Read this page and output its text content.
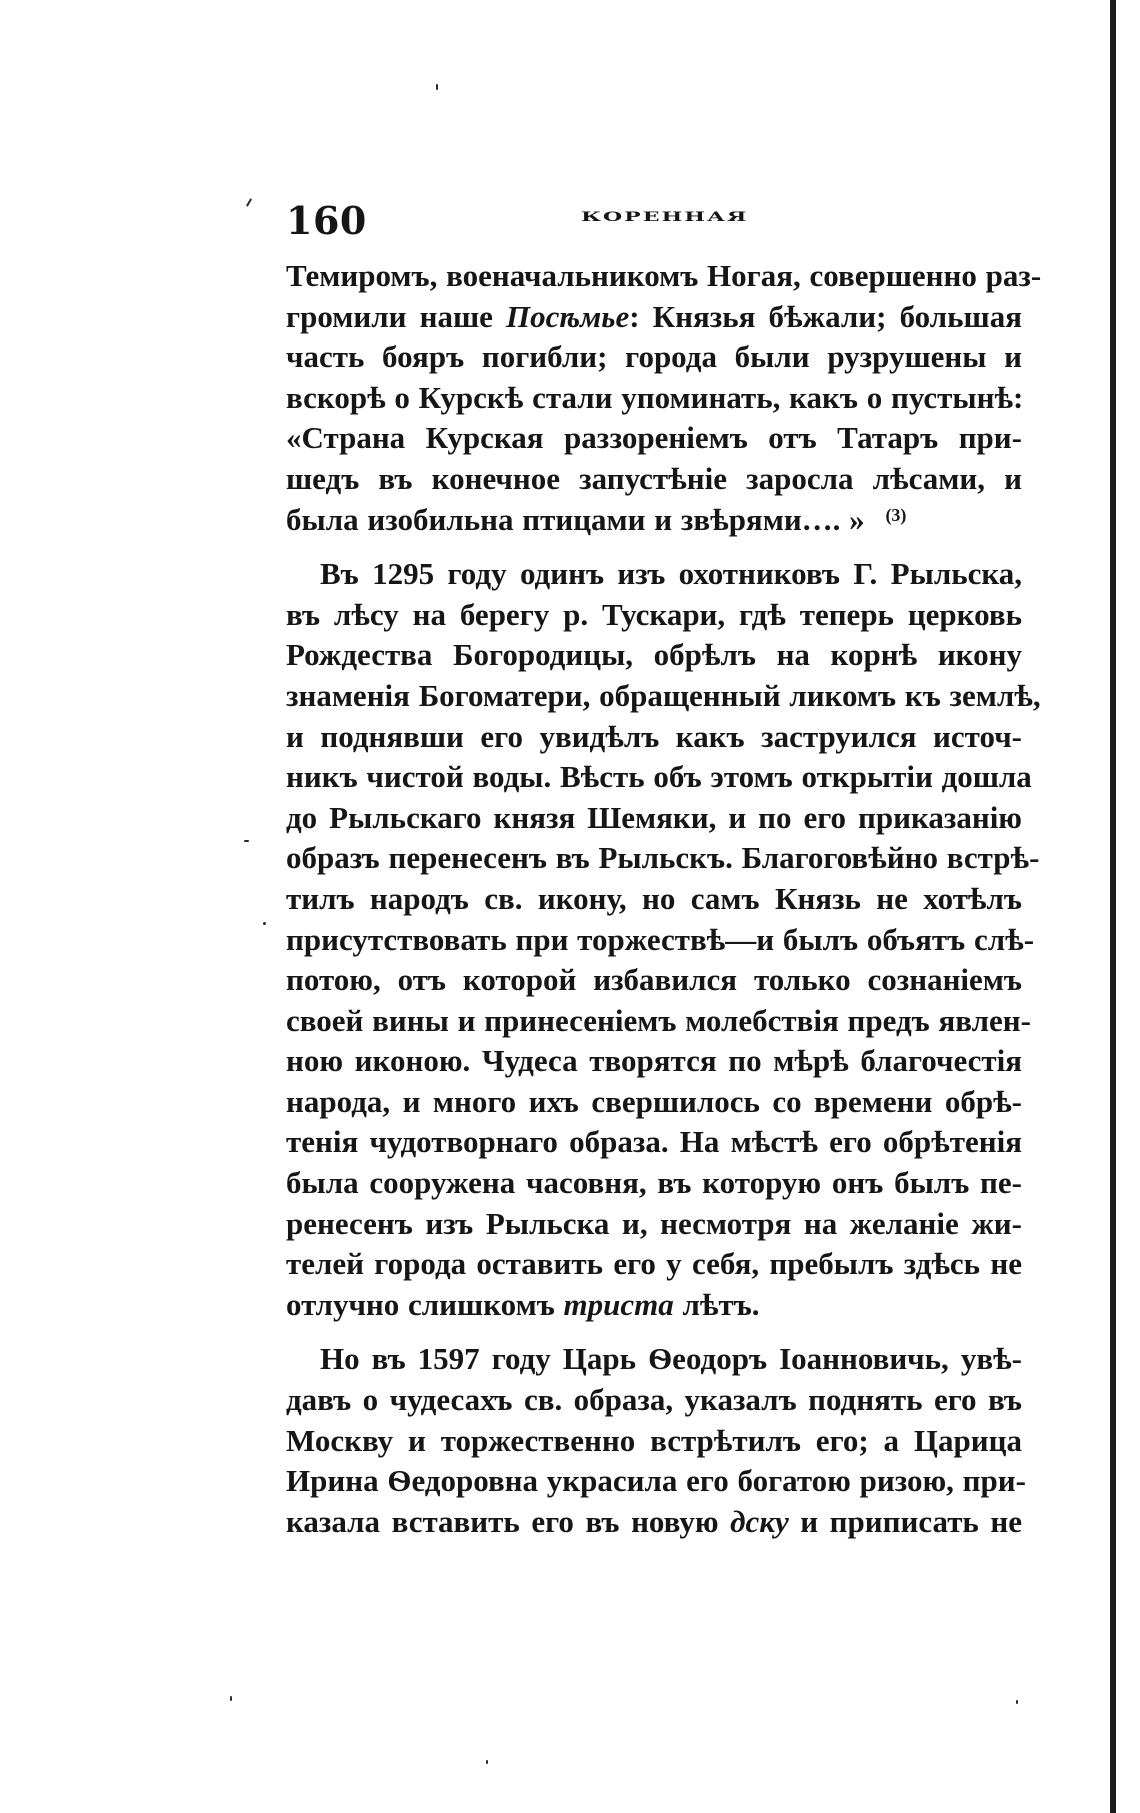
160	КОРЕННАЯ
Темиромъ, военачальникомъ Ногая, совершенно раз-
громили наше Посѣмье: Князья бѣжали; большая
часть бояръ погибли; города были рузрушены и
вскорѣ о Курскѣ стали упоминать, какъ о пустынѣ:
«Страна Курская раззореніемъ отъ Татаръ при-
шедъ въ конечное запустѣніе заросла лѣсами, и
была изобильна птицами и звѣрями…. » $^{(3)}$
Въ 1295 году одинъ изъ охотниковъ Г. Рыльска,
въ лѣсу на берегу р. Тускари, гдѣ теперь церковь
Рождества Богородицы, обрѣлъ на корнѣ икону
знаменія Богоматери, обращенный ликомъ къ землѣ,
и поднявши его увидѣлъ какъ заструился источ-
никъ чистой воды. Вѣсть объ этомъ открытіи дошла
до Рыльскаго князя Шемяки, и по его приказанію
образъ перенесенъ въ Рыльскъ. Благоговѣйно встрѣ-
тилъ народъ св. икону, но самъ Князь не хотѣлъ
присутствовать при торжествѣ—и былъ объятъ слѣ-
потою, отъ которой избавился только сознаніемъ
своей вины и принесеніемъ молебствія предъ явлен-
ною иконою. Чудеса творятся по мѣрѣ благочестія
народа, и много ихъ свершилось со времени обрѣ-
тенія чудотворнаго образа. На мѣстѣ его обрѣтенія
была сооружена часовня, въ которую онъ былъ пе-
ренесенъ изъ Рыльска и, несмотря на желаніе жи-
телей города оставить его у себя, пребылъ здѣсь не
отлучно слишкомъ триста лѣтъ.
Но въ 1597 году Царь Ѳеодоръ Іоанновичь, увѣ-
давъ о чудесахъ св. образа, указалъ поднять его въ
Москву и торжественно встрѣтилъ его; а Царица
Ирина Ѳедоровна украсила его богатою ризою, при-
казала вставить его въ новую дску и приписать не
